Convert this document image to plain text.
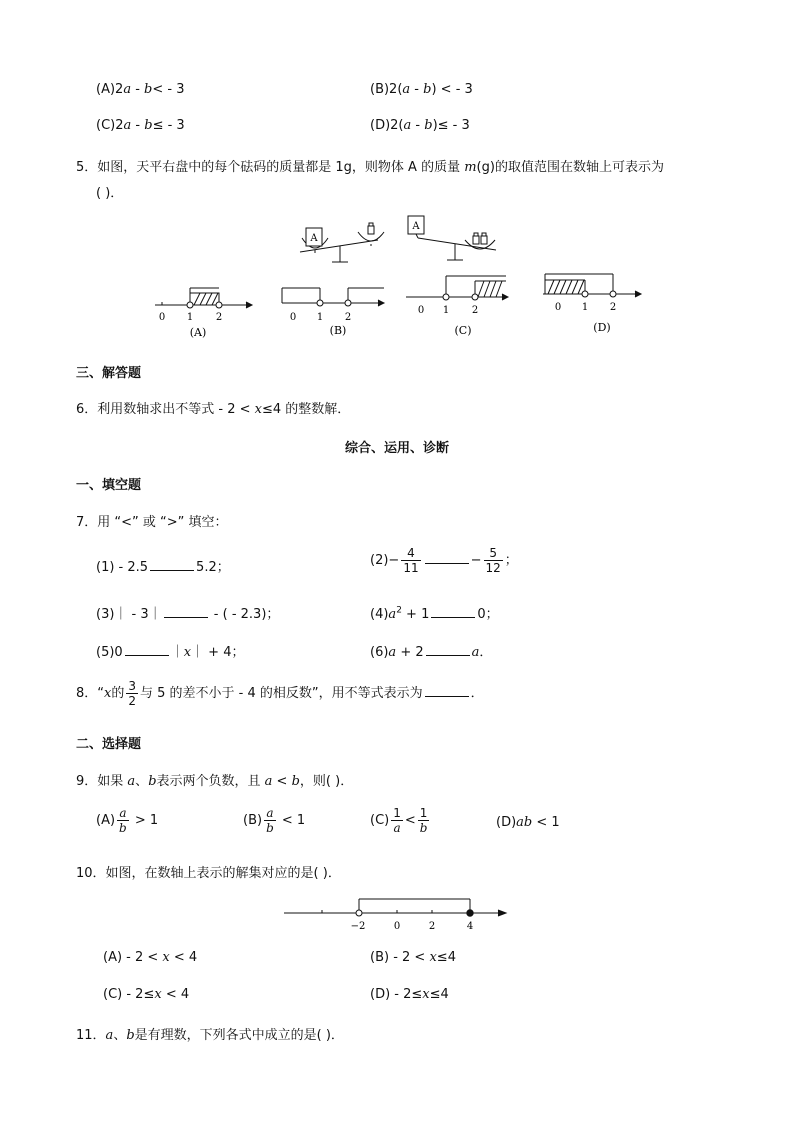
(A)2a - b< - 3	(B)2(a - b) < - 3
(C)2a - b≤ - 3	(D)2(a - b)≤ - 3
5．如图，天平右盘中的每个砝码的质量都是 1g，则物体 A 的质量 m(g)的取值范围在数轴上可表示为
( )．
A
A
0 1 2
(A)
0 1 2
(B)
0 1 2
(C)
0 1 2
(D)
三、解答题
6．利用数轴求出不等式 - 2 < x≤4 的整数解．
综合、运用、诊断
一、填空题
7．用 “<” 或 “>” 填空：
(1) - 2.5	5.2；	$(2)- \frac{4}{11}$	− $\frac{5}{12}$ ；
(3)｜ - 3｜	- ( - 2.3)；	$(4)a^2 + 1$	0；
(5)0	｜x｜ + 4；	(6)a + 2	a．
8．“x的 $\frac{3}{2}$ 与 5 的差不小于 - 4 的相反数”，用不等式表示为	．
二、选择题
9．如果 a、b表示两个负数，且 a < b，则( )．
$(A) \frac{a}{b} > 1$	$(B) \frac{a}{b} < 1$	$(C) \frac{1}{a} < \frac{1}{b}$	(D)ab < 1
10．如图，在数轴上表示的解集对应的是( )．
−2	0	2	4
(A) - 2 < x < 4	(B) - 2 < x≤4
(C) - 2≤x < 4	(D) - 2≤x≤4
11．a、b是有理数，下列各式中成立的是( )．
